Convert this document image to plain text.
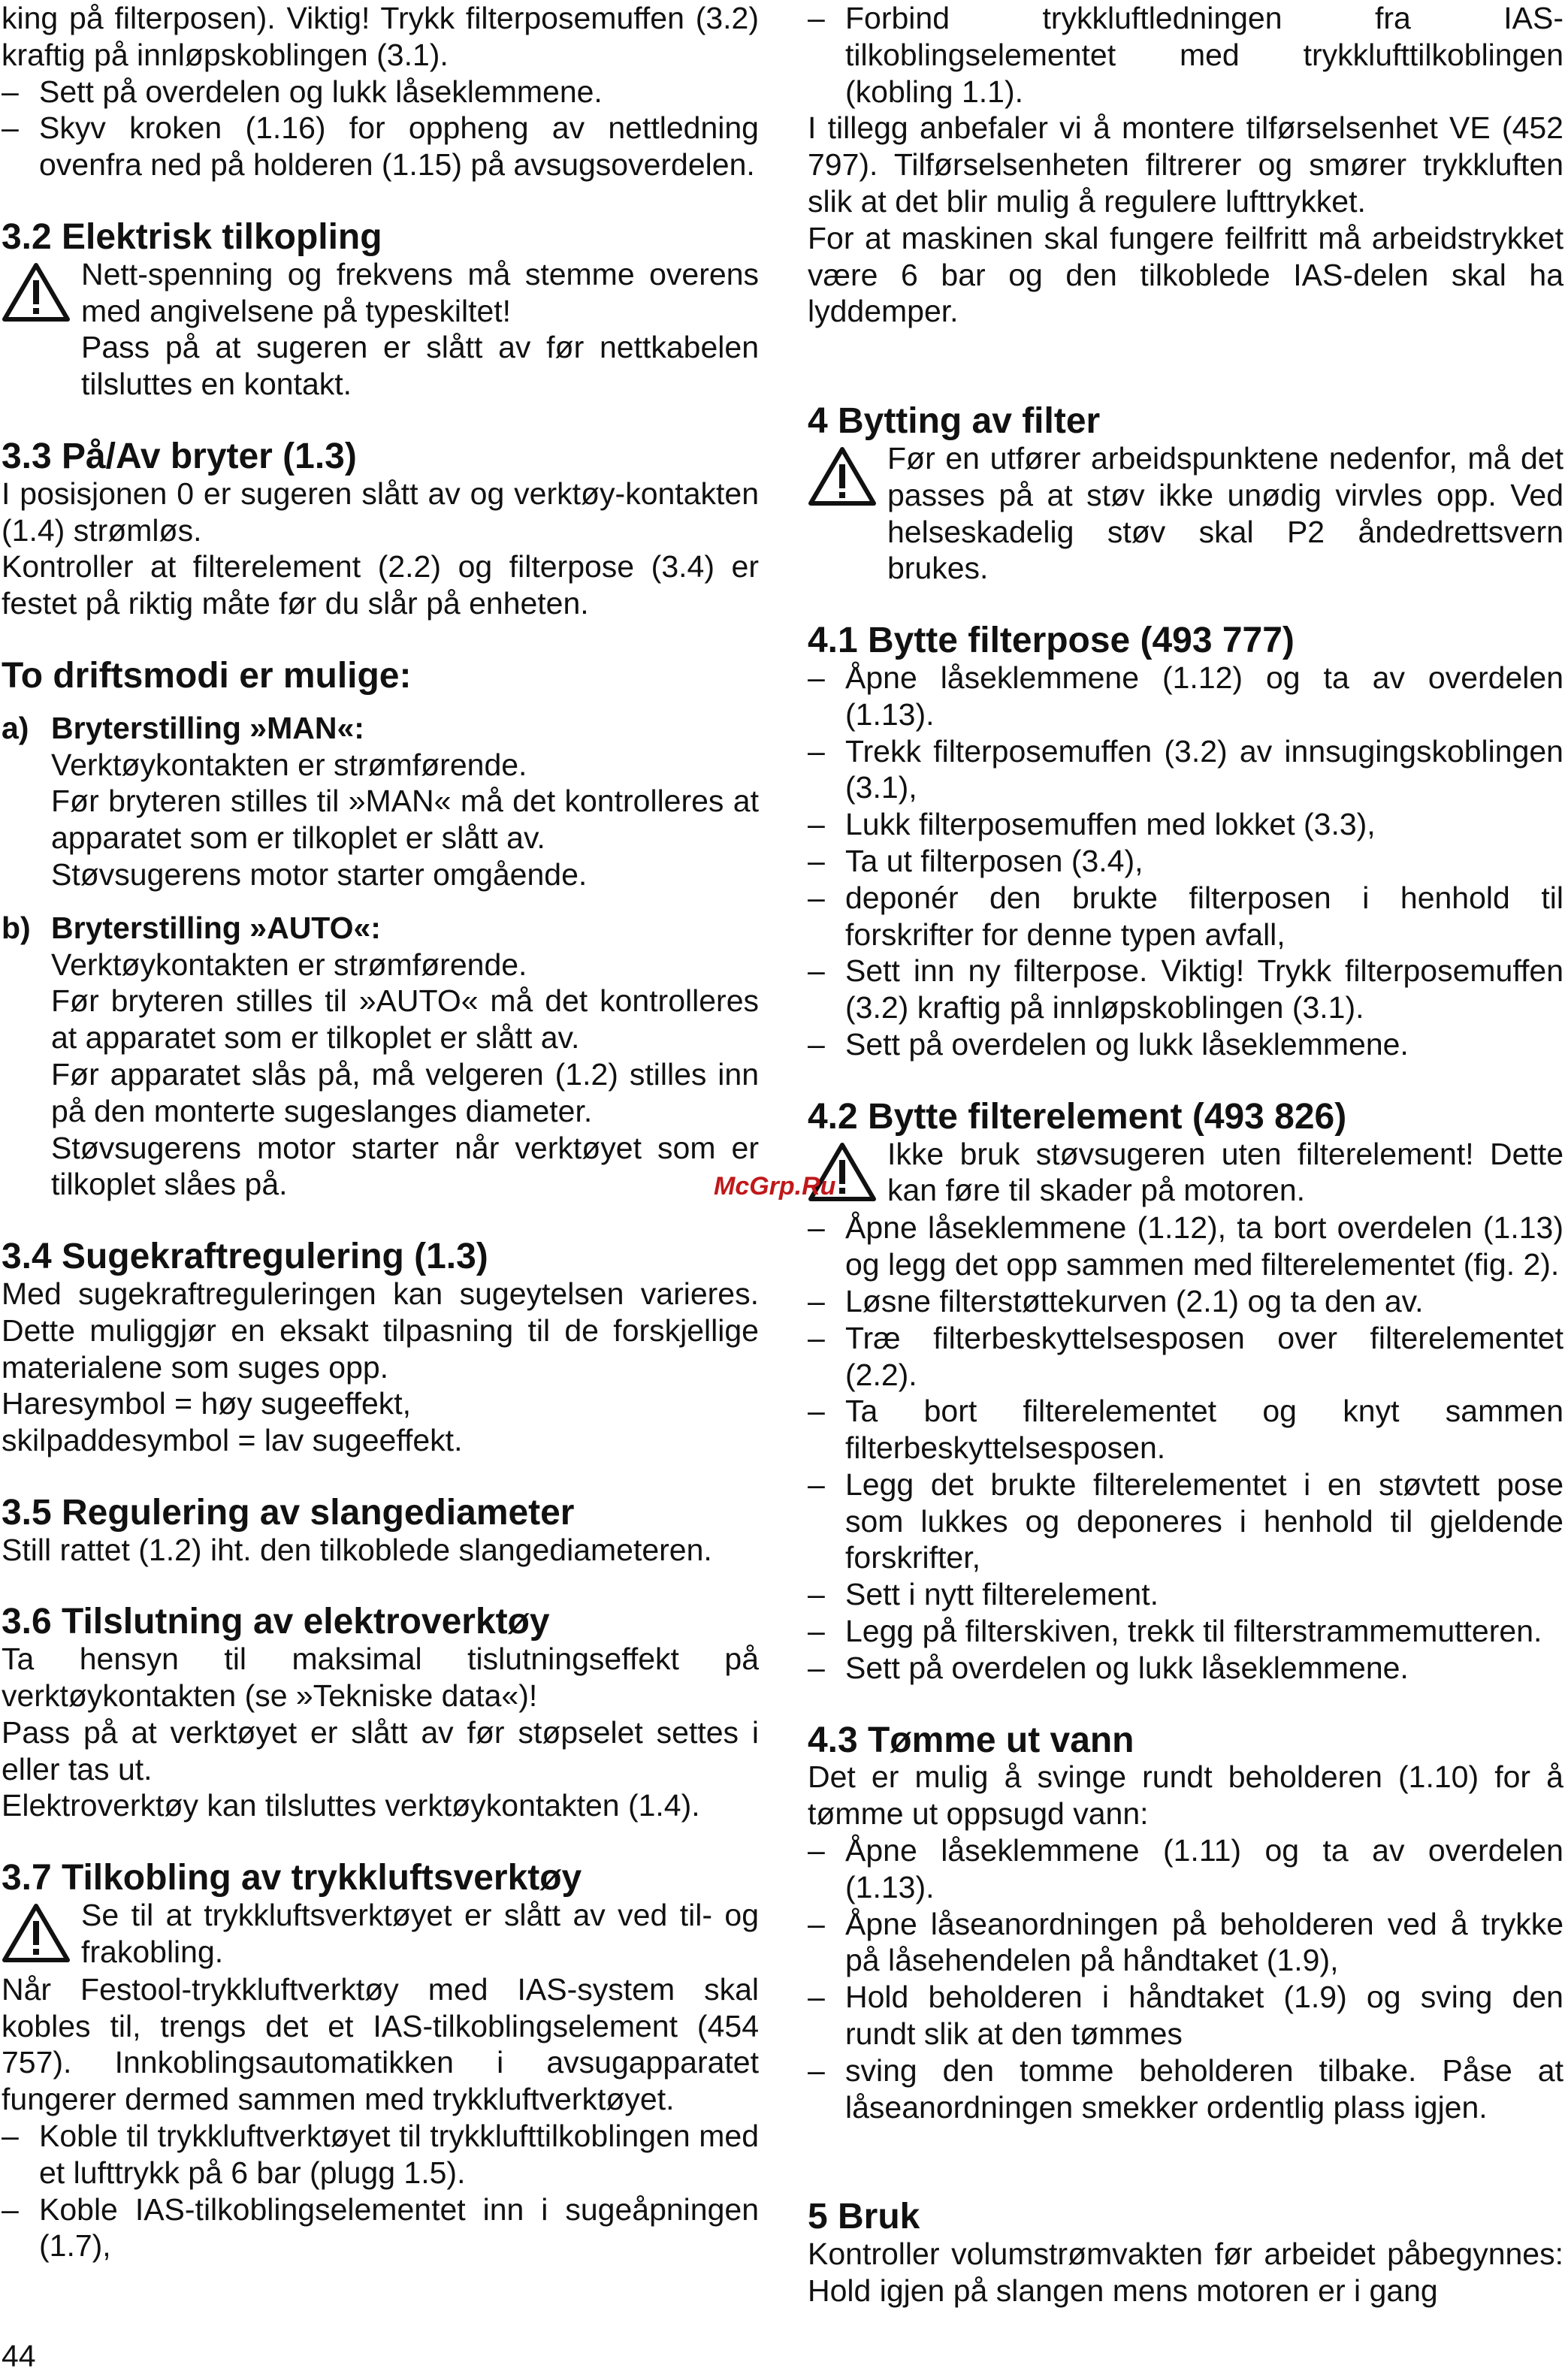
king på filterposen). Viktig! Trykk filterposemuffen (3.2) kraftig på innløpskoblingen (3.1).

– Sett på overdelen og lukk låseklemmene.
– Skyv kroken (1.16) for oppheng av nettledning ovenfra ned på holderen (1.15) på avsugsoverdelen.
3.2 Elektrisk tilkopling

Nett-spenning og frekvens må stemme overens med angivelsene på typeskiltet!

Pass på at sugeren er slått av før nettkabelen tilsluttes en kontakt.

3.3 På/Av bryter (1.3)

I posisjonen 0 er sugeren slått av og verktøy-kontakten (1.4) strømløs.

Kontroller at filterelement (2.2) og filterpose (3.4) er festet på riktig måte før du slår på enheten.

To driftsmodi er mulige:
a) Bryterstilling »MAN«:

Verktøykontakten er strømførende.

Før bryteren stilles til »MAN« må det kontrolleres at apparatet som er tilkoplet er slått av.

Støvsugerens motor starter omgående.

b) Bryterstilling »AUTO«:

Verktøykontakten er strømførende.

Før bryteren stilles til »AUTO« må det kontrolleres at apparatet som er tilkoplet er slått av.

Før apparatet slås på, må velgeren (1.2) stilles inn på den monterte sugeslanges diameter.

Støvsugerens motor starter når verktøyet som er tilkoplet slåes på.

3.4 Sugekraftregulering (1.3)

Med sugekraftreguleringen kan sugeytelsen varieres. Dette muliggjør en eksakt tilpasning til de forskjellige materialene som suges opp.

Haresymbol = høy sugeeffekt,

skilpaddesymbol = lav sugeeffekt.

3.5 Regulering av slangediameter

Still rattet (1.2) iht. den tilkoblede slangediameteren.

3.6 Tilslutning av elektroverktøy

Ta hensyn til maksimal tislutningseffekt på verktøykontakten (se »Tekniske data«)!

Pass på at verktøyet er slått av før støpselet settes i eller tas ut.

Elektroverktøy kan tilsluttes verktøykontakten (1.4).

3.7 Tilkobling av trykkluftsverktøy

Se til at trykkluftsverktøyet er slått av ved til- og frakobling.

Når Festool-trykkluftverktøy med IAS-system skal kobles til, trengs det et IAS-tilkoblingselement (454 757). Innkoblingsautomatikken i avsugapparatet fungerer dermed sammen med trykkluftverktøyet.

– Koble til trykkluftverktøyet til trykklufttilkoblingen med et lufttrykk på 6 bar (plugg 1.5).
– Koble IAS-tilkoblingselementet inn i sugeåpningen (1.7),
– Forbind trykkluftledningen fra IAS-tilkoblingselementet med trykklufttilkoblingen (kobling 1.1).

I tillegg anbefaler vi å montere tilførselsenhet VE (452 797). Tilførselsenheten filtrerer og smører trykkluften slik at det blir mulig å regulere lufttrykket.

For at maskinen skal fungere feilfritt må arbeidstrykket være 6 bar og den tilkobledе IAS-delen skal ha lyddemper.

4 Bytting av filter

Før en utfører arbeidspunktene nedenfor, må det passes på at støv ikke unødig virvles opp. Ved helseskadelig støv skal P2 åndedrettsvern brukes.

4.1 Bytte filterpose (493 777)
– Åpne låseklemmene (1.12) og ta av overdelen (1.13).
– Trekk filterposemuffen (3.2) av innsugingskoblingen (3.1),
– Lukk filterposemuffen med lokket (3.3),
– Ta ut filterposen (3.4),
– deponér den brukte filterposen i henhold til forskrifter for denne typen avfall,
– Sett inn ny filterpose. Viktig! Trykk filterposemuffen (3.2) kraftig på innløpskoblingen (3.1).
– Sett på overdelen og lukk låseklemmene.
4.2 Bytte filterelement (493 826)

Ikke bruk støvsugeren uten filterelement! Dette kan føre til skader på motoren.

– Åpne låseklemmene (1.12), ta bort overdelen (1.13) og legg det opp sammen med filterelementet (fig. 2).
– Løsne filterstøttekurven (2.1) og ta den av.
– Træ filterbeskyttelsesposen over filterelementet (2.2).
– Ta bort filterelementet og knyt sammen filterbeskyttelsesposen.
– Legg det brukte filterelementet i en støvtett pose som lukkes og deponeres i henhold til gjeldende forskrifter,
– Sett i nytt filterelement.
– Legg på filterskiven, trekk til filterstrammemutteren.
– Sett på overdelen og lukk låseklemmene.
4.3 Tømme ut vann

Det er mulig å svinge rundt beholderen (1.10) for å tømme ut oppsugd vann:

– Åpne låseklemmene (1.11) og ta av overdelen (1.13).
– Åpne låseanordningen på beholderen ved å trykke på låsehendelen på håndtaket (1.9),
– Hold beholderen i håndtaket (1.9) og sving den rundt slik at den tømmes
– sving den tomme beholderen tilbake. Påse at låseanordningen smekker ordentlig plass igjen.
5 Bruk

Kontroller volumstrømvakten før arbeidet påbegynnes: Hold igjen på slangen mens motoren er i gang

McGrp.Ru
44
